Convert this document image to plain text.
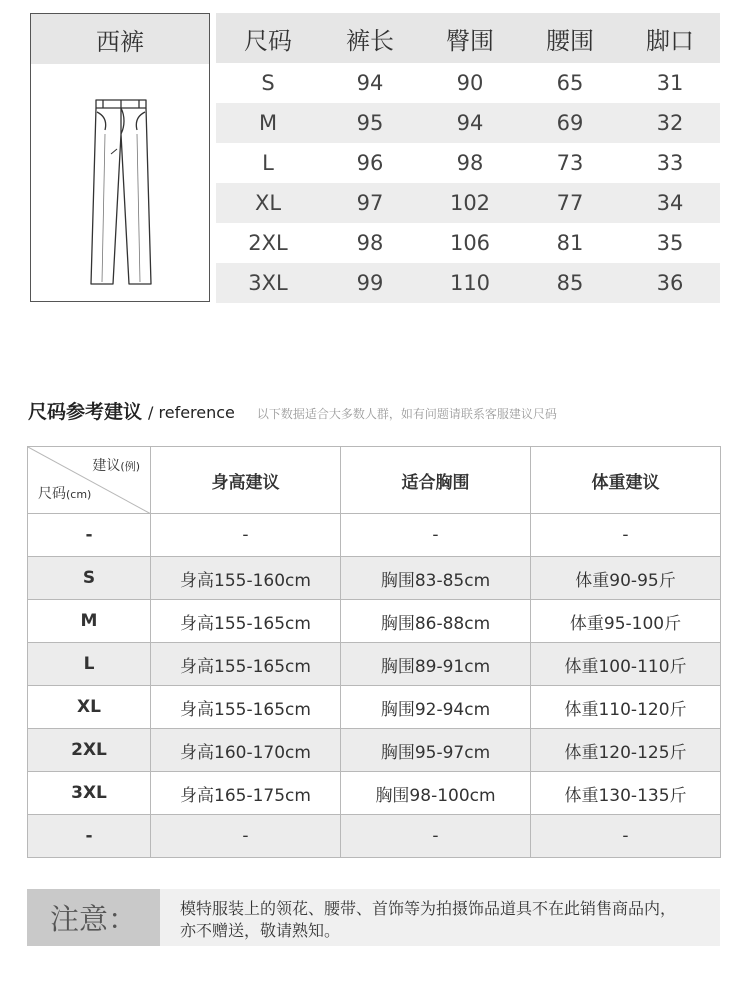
西裤	尺码	裤长	臀围	腰围	脚口
S	94	90	65	31
M	95	94	69	32
L	96	98	73	33
XL	97	102	77	34
2XL	98	106	81	35
3XL	99	110	85	36
尺码参考建议 / reference 以下数据适合大多数人群，如有问题请联系客服建议尺码
建议(例)
尺码(cm)	身高建议	适合胸围	体重建议
-	-	-	-
S	身高155-160cm	胸围83-85cm	体重90-95斤
M	身高155-165cm	胸围86-88cm	体重95-100斤
L	身高155-165cm	胸围89-91cm	体重100-110斤
XL	身高155-165cm	胸围92-94cm	体重110-120斤
2XL	身高160-170cm	胸围95-97cm	体重120-125斤
3XL	身高165-175cm	胸围98-100cm	体重130-135斤
-	-	-	-
注意：	模特服装上的领花、腰带、首饰等为拍摄饰品道具不在此销售商品内，
亦不赠送，敬请熟知。
